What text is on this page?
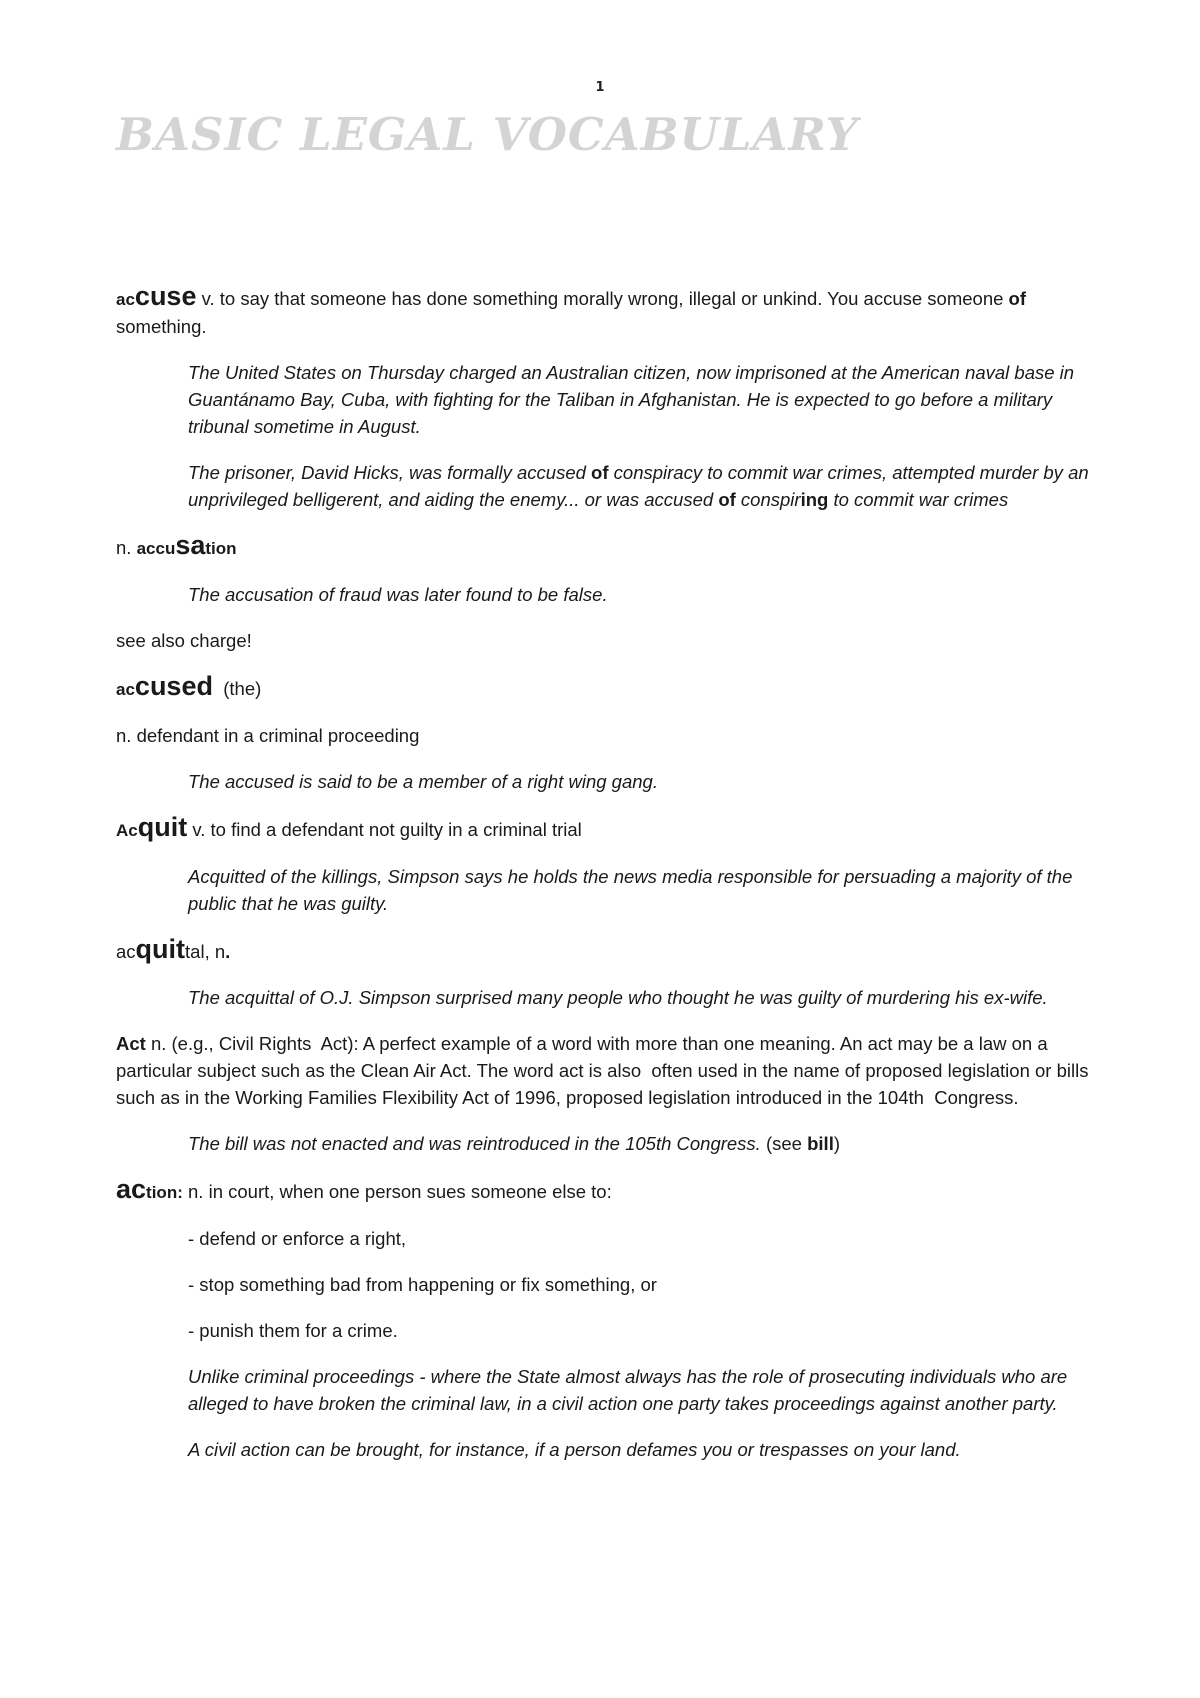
1
BASIC LEGAL VOCABULARY

accuse v. to say that someone has done something morally wrong, illegal or unkind. You accuse someone of something.

The United States on Thursday charged an Australian citizen, now imprisoned at the American naval base in Guantánamo Bay, Cuba, with fighting for the Taliban in Afghanistan. He is expected to go before a military tribunal sometime in August.

The prisoner, David Hicks, was formally accused of conspiracy to commit war crimes, attempted murder by an unprivileged belligerent, and aiding the enemy... or was accused of conspiring to commit war crimes

n. accusation

The accusation of fraud was later found to be false.

see also charge!

accused  (the)

n. defendant in a criminal proceeding

The accused is said to be a member of a right wing gang.

Acquit v. to find a defendant not guilty in a criminal trial

Acquitted of the killings, Simpson says he holds the news media responsible for persuading a majority of the public that he was guilty.

acquittal, n.

The acquittal of O.J. Simpson surprised many people who thought he was guilty of murdering his ex-wife.

Act n. (e.g., Civil Rights  Act): A perfect example of a word with more than one meaning. An act may be a law on a particular subject such as the Clean Air Act. The word act is also  often used in the name of proposed legislation or bills such as in the Working Families Flexibility Act of 1996, proposed legislation introduced in the 104th  Congress.

The bill was not enacted and was reintroduced in the 105th Congress. (see bill)

action: n. in court, when one person sues someone else to:

- defend or enforce a right,

- stop something bad from happening or fix something, or

- punish them for a crime.

Unlike criminal proceedings - where the State almost always has the role of prosecuting individuals who are alleged to have broken the criminal law, in a civil action one party takes proceedings against another party.

A civil action can be brought, for instance, if a person defames you or trespasses on your land.
